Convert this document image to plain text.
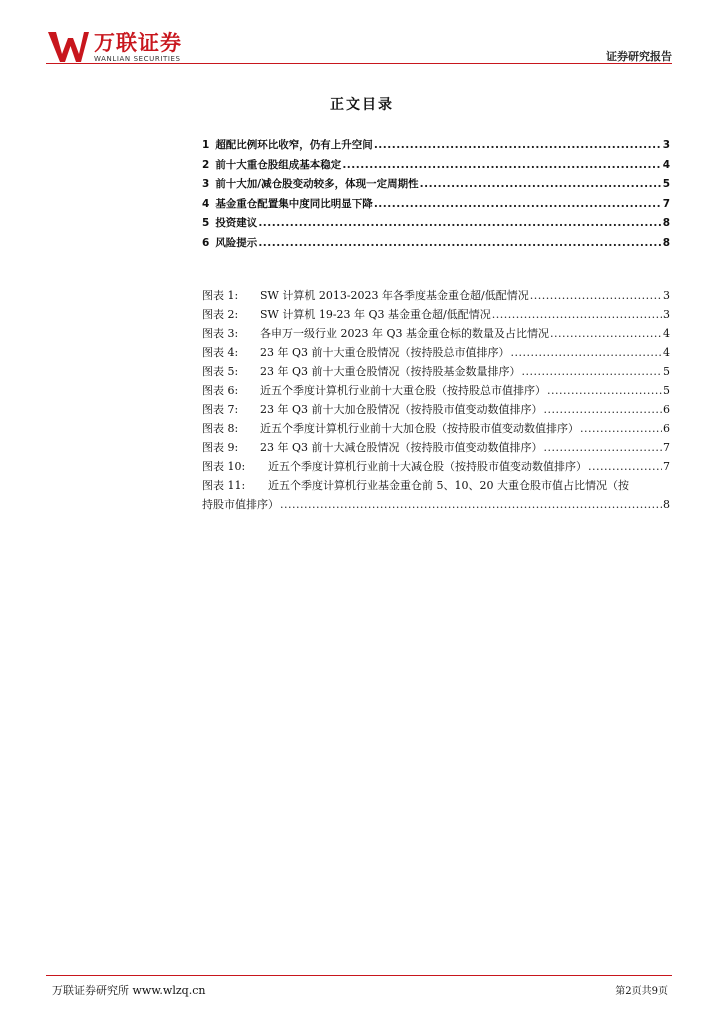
万联证券
WANLIAN SECURITIES	证券研究报告
正文目录
1 超配比例环比收窄，仍有上升空间 .....	3
2 前十大重仓股组成基本稳定 .....	4
3 前十大加/减仓股变动较多，体现一定周期性 .....	5
4 基金重仓配置集中度同比明显下降 .....	7
5 投资建议 .....	8
6 风险提示 .....	8
图表 1:	SW 计算机 2013-2023 年各季度基金重仓超/低配情况 .....	3
图表 2:	SW 计算机 19-23 年 Q3 基金重仓超/低配情况 .....	3
图表 3:	各申万一级行业 2023 年 Q3 基金重仓标的数量及占比情况 .....	4
图表 4:	23 年 Q3 前十大重仓股情况（按持股总市值排序） .....	4
图表 5:	23 年 Q3 前十大重仓股情况（按持股基金数量排序） .....	5
图表 6:	近五个季度计算机行业前十大重仓股（按持股总市值排序） .....	5
图表 7:	23 年 Q3 前十大加仓股情况（按持股市值变动数值排序） .....	6
图表 8:	近五个季度计算机行业前十大加仓股（按持股市值变动数值排序） .....	6
图表 9:	23 年 Q3 前十大减仓股情况（按持股市值变动数值排序） .....	7
图表 10:	近五个季度计算机行业前十大减仓股（按持股市值变动数值排序） .....	7
图表 11:	近五个季度计算机行业基金重仓前 5、10、20 大重仓股市值占比情况（按
持股市值排序） .....	8
万联证券研究所 www.wlzq.cn	第2页共9页
